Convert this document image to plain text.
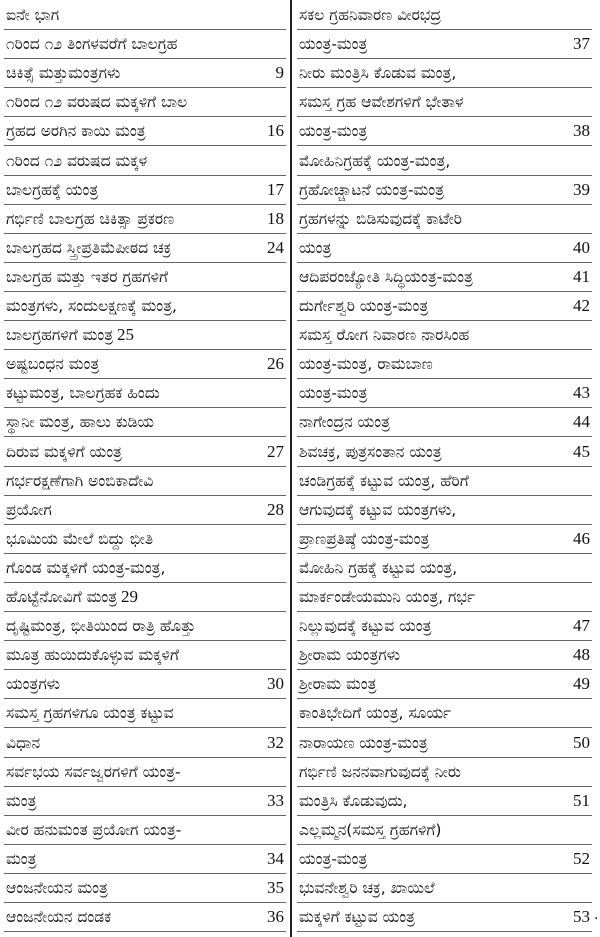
ಐನೇ ಭಾಗ
೧ರಿಂದ ೧೨ ತಿಂಗಳವರೆಗೆ ಬಾಲಗ್ರಹ
ಚಿಕಿತ್ಸೆ ಮತ್ತುಮಂತ್ರಗಳು	9
೧ರಿಂದ ೧೨ ವರುಷದ ಮಕ್ಕಳಿಗೆ ಬಾಲ
ಗ್ರಹದ ಅರಗಿನ ಕಾಯಿ ಮಂತ್ರ	16
೧ರಿಂದ ೧೨ ವರುಷದ ಮಕ್ಕಳ
ಬಾಲಗ್ರಹಕ್ಕೆ ಯಂತ್ರ	17
ಗರ್ಭಿಣಿ ಬಾಲಗ್ರಹ ಚಿಕಿತ್ಸಾ ಪ್ರಕರಣ	18
ಬಾಲಗ್ರಹದ ಸ್ತ್ರೀಪ್ರತಿಮೆಪೀಠದ ಚಕ್ರ	24
ಬಾಲಗ್ರಹ ಮತ್ತು ಇತರ ಗ್ರಹಗಳಿಗೆ
ಮಂತ್ರಗಳು, ಸಂದುಲಕ್ಷಣಕ್ಕೆ ಮಂತ್ರ,
ಬಾಲಗ್ರಹಗಳಿಗೆ ಮಂತ್ರ 25
ಅಷ್ಟಬಂಧನ ಮಂತ್ರ	26
ಕಟ್ಟುಮಂತ್ರ, ಬಾಲಗ್ರಹಕ ಹಿಂದು
ಸ್ಥಾನೀ ಮಂತ್ರ, ಹಾಲು ಕುಡಿಯ
ದಿರುವ ಮಕ್ಕಳಿಗೆ ಯಂತ್ರ	27
ಗರ್ಭರಕ್ಷಣೆಗಾಗಿ ಅಂಬಿಕಾದೇವಿ
ಪ್ರಯೋಗ	28
ಭೂಮಿಯ ಮೇಲೆ ಬಿದ್ದು ಭೀತಿ
ಗೊಂಡ ಮಕ್ಕಳಿಗೆ ಯಂತ್ರ-ಮಂತ್ರ,
ಹೊಟ್ಟೆನೋವಿಗೆ ಮಂತ್ರ 29
ದೃಷ್ಟಿಮಂತ್ರ, ಭೀತಿಯಿಂದ ರಾತ್ರಿ ಹೊತ್ತು
ಮೂತ್ರ ಹುಯಿದುಕೊಳ್ಳುವ ಮಕ್ಕಳಿಗೆ
ಯಂತ್ರಗಳು	30
ಸಮಸ್ತ ಗ್ರಹಗಳಿಗೂ ಯಂತ್ರ ಕಟ್ಟುವ
ವಿಧಾನ	32
ಸರ್ವಭಯ ಸರ್ವಜ್ವರಗಳಿಗೆ ಯಂತ್ರ-
ಮಂತ್ರ	33
ವೀರ ಹನುಮಂತ ಪ್ರಯೋಗ ಯಂತ್ರ-
ಮಂತ್ರ	34
ಆಂಜನೇಯನ ಮಂತ್ರ	35
ಆಂಜನೇಯನ ದಂಡಕ	36
ಸಕಲ ಗ್ರಹನಿವಾರಣ ವೀರಭದ್ರ
ಯಂತ್ರ-ಮಂತ್ರ	37
ನೀರು ಮಂತ್ರಿಸಿ ಕೊಡುವ ಮಂತ್ರ,
ಸಮಸ್ತ ಗ್ರಹ ಆವೇಶಗಳಿಗೆ ಭೇತಾಳ
ಯಂತ್ರ-ಮಂತ್ರ	38
ಮೋಹಿನಿಗ್ರಹಕ್ಕೆ ಯಂತ್ರ-ಮಂತ್ರ,
ಗ್ರಹೋಚ್ಚಾಟನೆ ಯಂತ್ರ-ಮಂತ್ರ	39
ಗ್ರಹಗಳನ್ನು ಬಿಡಿಸುವುದಕ್ಕೆ ಕಾಟೇರಿ
ಯಂತ್ರ	40
ಆದಿಪರಂಜ್ಯೋತಿ ಸಿದ್ಧಿಯಂತ್ರ-ಮಂತ್ರ	41
ದುರ್ಗೇಶ್ವರಿ ಯಂತ್ರ-ಮಂತ್ರ	42
ಸಮಸ್ತ ರೋಗ ನಿವಾರಣ ನಾರಸಿಂಹ
ಯಂತ್ರ-ಮಂತ್ರ, ರಾಮಬಾಣ
ಯಂತ್ರ-ಮಂತ್ರ	43
ನಾಗೇಂದ್ರನ ಯಂತ್ರ	44
ಶಿವಚಕ್ರ, ಪುತ್ರಸಂತಾನ ಯಂತ್ರ	45
ಚಂಡಿಗ್ರಹಕ್ಕೆ ಕಟ್ಟುವ ಯಂತ್ರ, ಹೆರಿಗೆ
ಆಗುವುದಕ್ಕೆ ಕಟ್ಟುವ ಯಂತ್ರಗಳು,
ಪ್ರಾಣಪ್ರತಿಷ್ಠೆ ಯಂತ್ರ-ಮಂತ್ರ	46
ಮೋಹಿನಿ ಗ್ರಹಕ್ಕೆ ಕಟ್ಟುವ ಯಂತ್ರ,
ಮಾರ್ಕಂಡೇಯಮುನಿ ಯಂತ್ರ, ಗರ್ಭ
ನಿಲ್ಲುವುದಕ್ಕೆ ಕಟ್ಟುವ ಯಂತ್ರ	47
ಶ್ರೀರಾಮ ಯಂತ್ರಗಳು	48
ಶ್ರೀರಾಮ ಮಂತ್ರ	49
ಕಾಂತಿಭೇದಿಗೆ ಯಂತ್ರ, ಸೂರ್ಯ
ನಾರಾಯಣ ಯಂತ್ರ-ಮಂತ್ರ	50
ಗರ್ಭಿಣಿ ಜನನವಾಗುವುದಕ್ಕೆ ನೀರು
ಮಂತ್ರಿಸಿ ಕೊಡುವುದು,	51
ಎಲ್ಲಮ್ಮನ(ಸಮಸ್ತ ಗ್ರಹಗಳಿಗೆ)
ಯಂತ್ರ-ಮಂತ್ರ	52
ಭುವನೇಶ್ವರಿ ಚಕ್ರ, ಖಾಯಿಲೆ
ಮಕ್ಕಳಿಗೆ ಕಟ್ಟುವ ಯಂತ್ರ	53 ·
